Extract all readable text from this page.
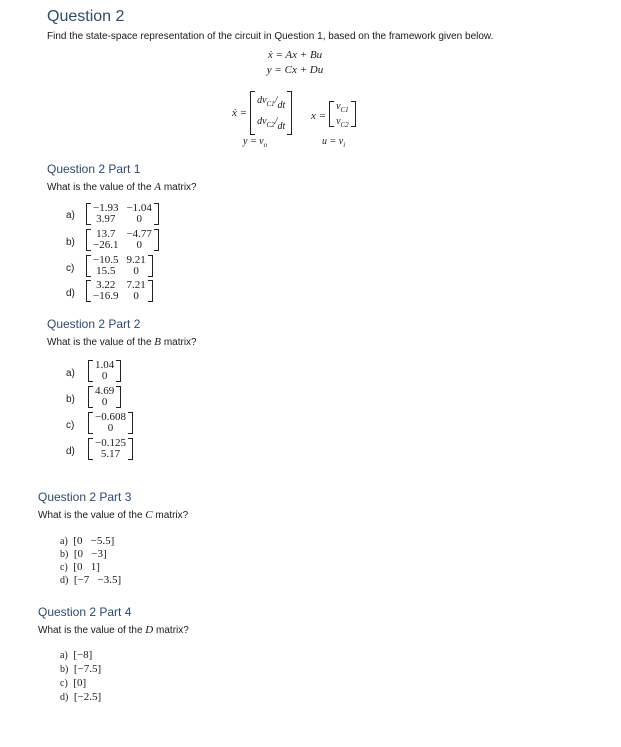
Question 2
Find the state-space representation of the circuit in Question 1, based on the framework given below.
ẋ = Ax + Bu
y = Cx + Du
ẋ =
$dv_{C1}/dt$
$dv_{C2}/dt$
x =
$v_{C1}$
$v_{C2}$
$y = v_o$	$u = v_i$
Question 2 Part 1
What is the value of the A matrix?
a)
−1.93 −1.04
3.97	0
b)
13.7 −4.77
−26.1	0
c)
−10.5 9.21
15.5	0
d)
3.22 7.21
−16.9	0
Question 2 Part 2
What is the value of the B matrix?
a)
1.04
0
b)
4.69
0
c)
−0.608
0
d)
−0.125
5.17
Question 2 Part 3
What is the value of the C matrix?
a)  [0 −5.5]
b)  [0 −3]
c)  [0 1]
d)  [−7 −3.5]
Question 2 Part 4
What is the value of the D matrix?
a)  [−8]
b)  [−7.5]
c)  [0]
d)  [−2.5]
